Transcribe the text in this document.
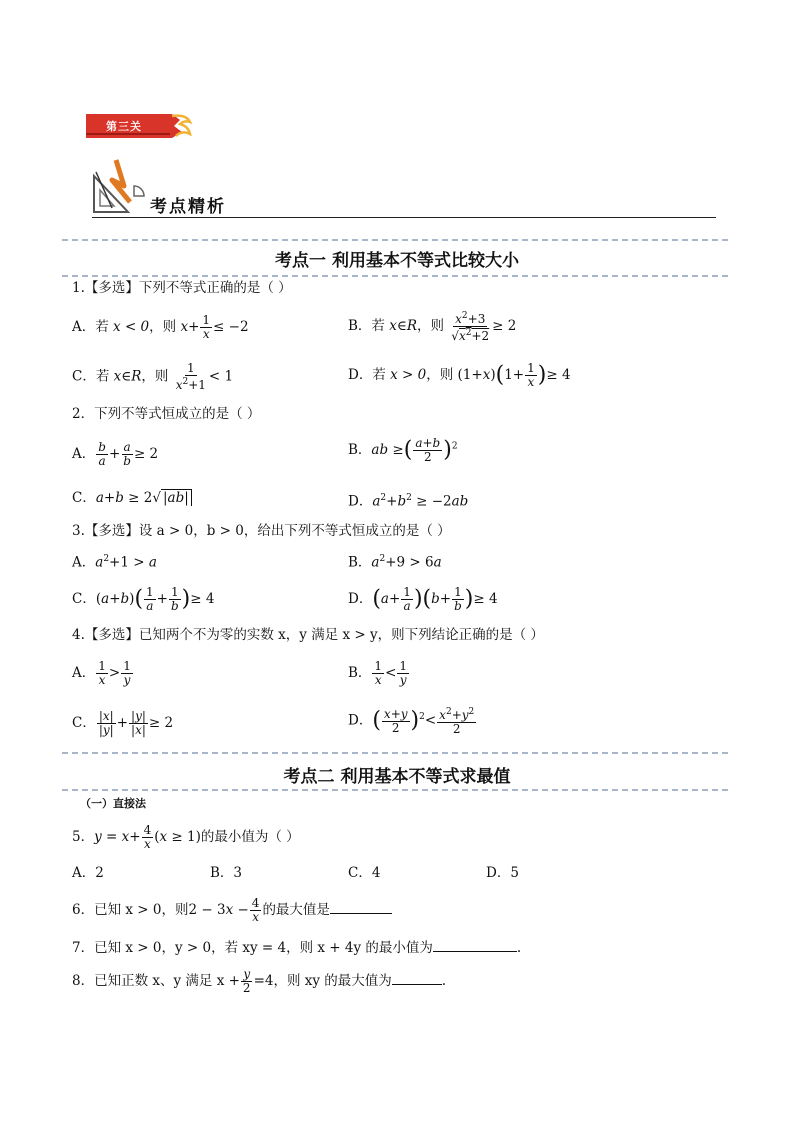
第三关
考点精析
考点一 利用基本不等式比较大小
1.【多选】下列不等式正确的是（ ）
A．若 x < 0，则 $x+ \frac{1}{x} \le -2$	B．若 x∈R，则 $\frac{x^2+3}{√x^2+2} \ge 2$
C．若 x∈R，则 $\frac{1}{x^2+1} < 1$	D．若 x > 0，则 $(1+x)(1+ \frac{1}{x}$ )≥ 4
2．下列不等式恒成立的是（ ）
A． $\frac{b}{a} + \frac{a}{b} \ge 2$	B．ab ≥( $\frac{a+b}{2} )^2$
C．a+b ≥ 2√ |ab|	D．$a^2+b^2 \ge -2ab$
3.【多选】设 a > 0，b > 0，给出下列不等式恒成立的是（ ）
A．$a^2+1 > a$	B．$a^2+9 > 6a$
C．$(a+b)( \frac{1}{a} + \frac{1}{b}$ )≥ 4	D．$(a+ \frac{1}{a} )(b+ \frac{1}{b}$ )≥ 4
4.【多选】已知两个不为零的实数 x，y 满足 x > y，则下列结论正确的是（ ）
A． $\frac{1}{x} > \frac{1}{y}$	B． $\frac{1}{x} < \frac{1}{y}$
C． $\frac{|x|}{|y|} + \frac{|y|}{|x|} \ge 2$	D．( $\frac{x+y}{2} )^2< \frac{x^2+y^2}{2}$
考点二 利用基本不等式求最值
（一）直接法
5．$y = x+ \frac{4}{x} (x \ge 1)$的最小值为（ ）
A．2	B．3	C．4	D．5
6．已知 x > 0，则$2 - 3x - \frac{4}{x}$ 的最大值是
7．已知 x > 0，y > 0，若 xy = 4，则 x + 4y 的最小值为	.
8．已知正数 x、y 满足 $x + \frac{y}{2} =4$，则 xy 的最大值为	.
